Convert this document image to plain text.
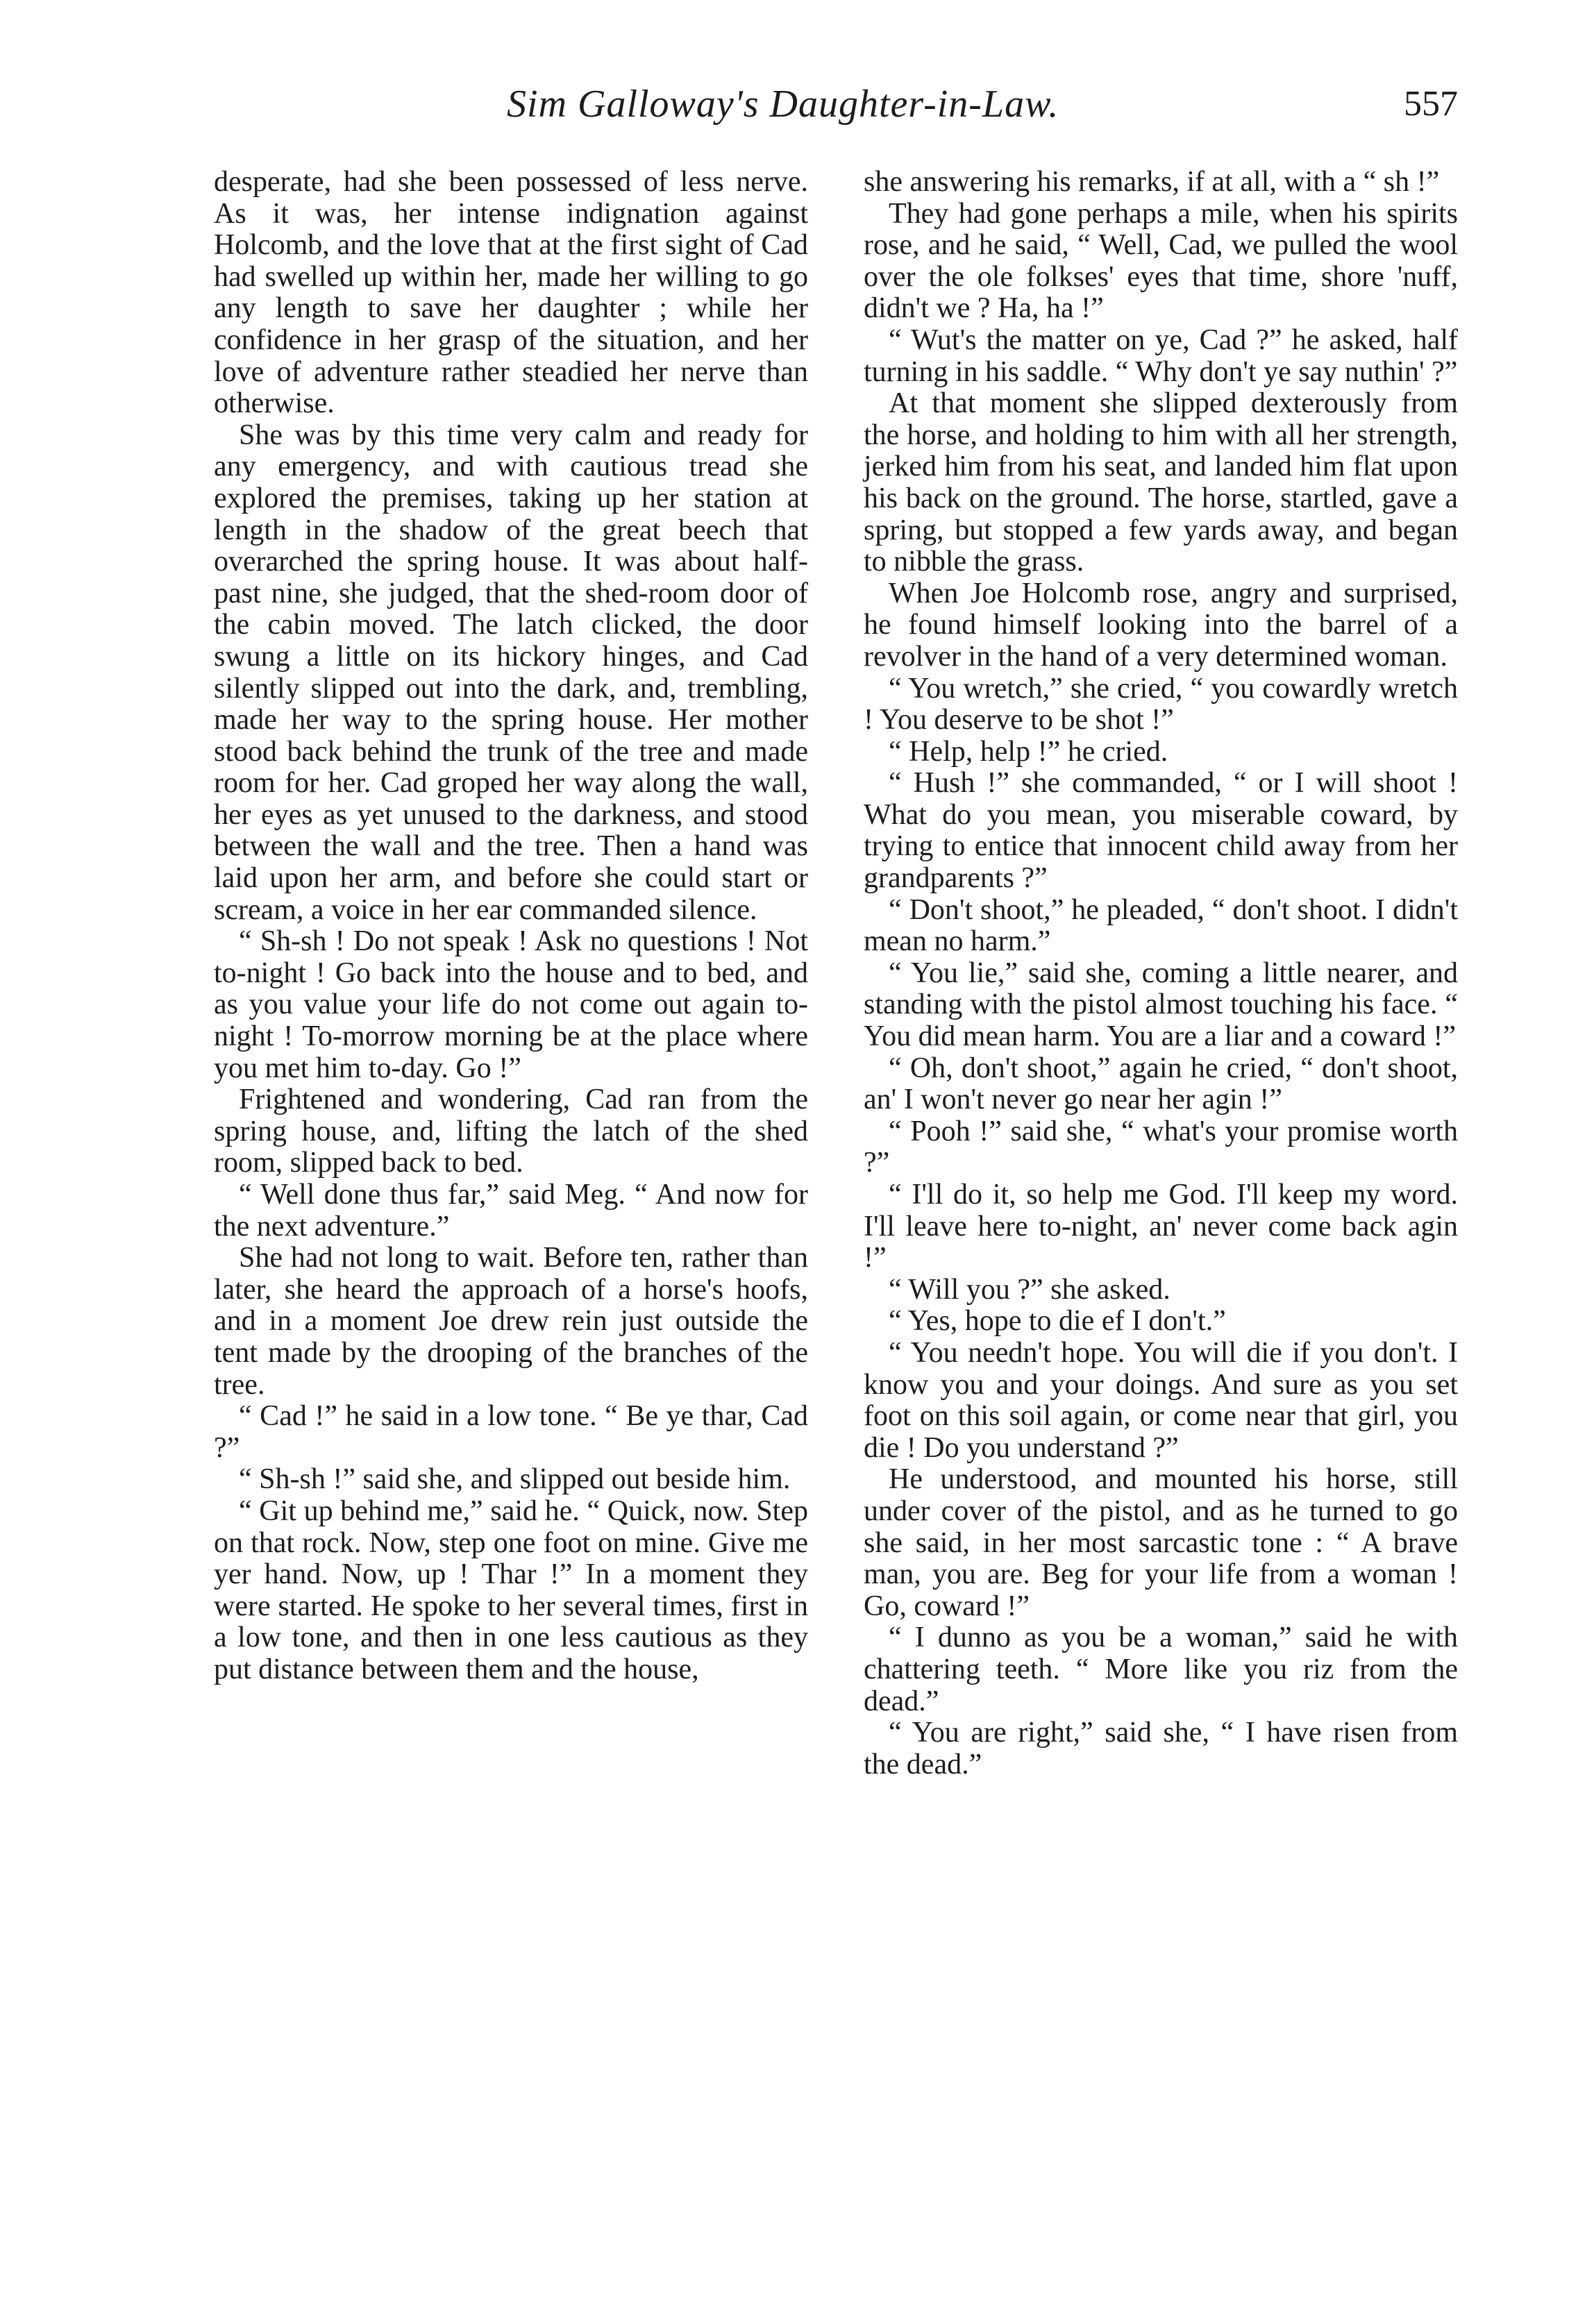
Sim Galloway's Daughter-in-Law.	557

desperate, had she been possessed of less nerve. As it was, her intense indignation against Holcomb, and the love that at the first sight of Cad had swelled up within her, made her willing to go any length to save her daughter ; while her confidence in her grasp of the situation, and her love of adventure rather steadied her nerve than otherwise.

She was by this time very calm and ready for any emergency, and with cautious tread she explored the premises, taking up her station at length in the shadow of the great beech that overarched the spring house. It was about half-past nine, she judged, that the shed-room door of the cabin moved. The latch clicked, the door swung a little on its hickory hinges, and Cad silently slipped out into the dark, and, trembling, made her way to the spring house. Her mother stood back behind the trunk of the tree and made room for her. Cad groped her way along the wall, her eyes as yet unused to the darkness, and stood between the wall and the tree. Then a hand was laid upon her arm, and before she could start or scream, a voice in her ear commanded silence.

“ Sh-sh ! Do not speak ! Ask no questions ! Not to-night ! Go back into the house and to bed, and as you value your life do not come out again to-night ! To-morrow morning be at the place where you met him to-day. Go !”

Frightened and wondering, Cad ran from the spring house, and, lifting the latch of the shed room, slipped back to bed.

“ Well done thus far,” said Meg. “ And now for the next adventure.”

She had not long to wait. Before ten, rather than later, she heard the approach of a horse's hoofs, and in a moment Joe drew rein just outside the tent made by the drooping of the branches of the tree.

“ Cad !” he said in a low tone. “ Be ye thar, Cad ?”

“ Sh-sh !” said she, and slipped out beside him.

“ Git up behind me,” said he. “ Quick, now. Step on that rock. Now, step one foot on mine. Give me yer hand. Now, up ! Thar !” In a moment they were started. He spoke to her several times, first in a low tone, and then in one less cautious as they put distance between them and the house,

she answering his remarks, if at all, with a “ sh !”

They had gone perhaps a mile, when his spirits rose, and he said, “ Well, Cad, we pulled the wool over the ole folkses' eyes that time, shore 'nuff, didn't we ? Ha, ha !”

“ Wut's the matter on ye, Cad ?” he asked, half turning in his saddle. “ Why don't ye say nuthin' ?”

At that moment she slipped dexterously from the horse, and holding to him with all her strength, jerked him from his seat, and landed him flat upon his back on the ground. The horse, startled, gave a spring, but stopped a few yards away, and began to nibble the grass.

When Joe Holcomb rose, angry and surprised, he found himself looking into the barrel of a revolver in the hand of a very determined woman.

“ You wretch,” she cried, “ you cowardly wretch ! You deserve to be shot !”

“ Help, help !” he cried.

“ Hush !” she commanded, “ or I will shoot ! What do you mean, you miserable coward, by trying to entice that innocent child away from her grandparents ?”

“ Don't shoot,” he pleaded, “ don't shoot. I didn't mean no harm.”

“ You lie,” said she, coming a little nearer, and standing with the pistol almost touching his face. “ You did mean harm. You are a liar and a coward !”

“ Oh, don't shoot,” again he cried, “ don't shoot, an' I won't never go near her agin !”

“ Pooh !” said she, “ what's your promise worth ?”

“ I'll do it, so help me God. I'll keep my word. I'll leave here to-night, an' never come back agin !”

“ Will you ?” she asked.

“ Yes, hope to die ef I don't.”

“ You needn't hope. You will die if you don't. I know you and your doings. And sure as you set foot on this soil again, or come near that girl, you die ! Do you understand ?”

He understood, and mounted his horse, still under cover of the pistol, and as he turned to go she said, in her most sarcastic tone : “ A brave man, you are. Beg for your life from a woman ! Go, coward !”

“ I dunno as you be a woman,” said he with chattering teeth. “ More like you riz from the dead.”

“ You are right,” said she, “ I have risen from the dead.”
